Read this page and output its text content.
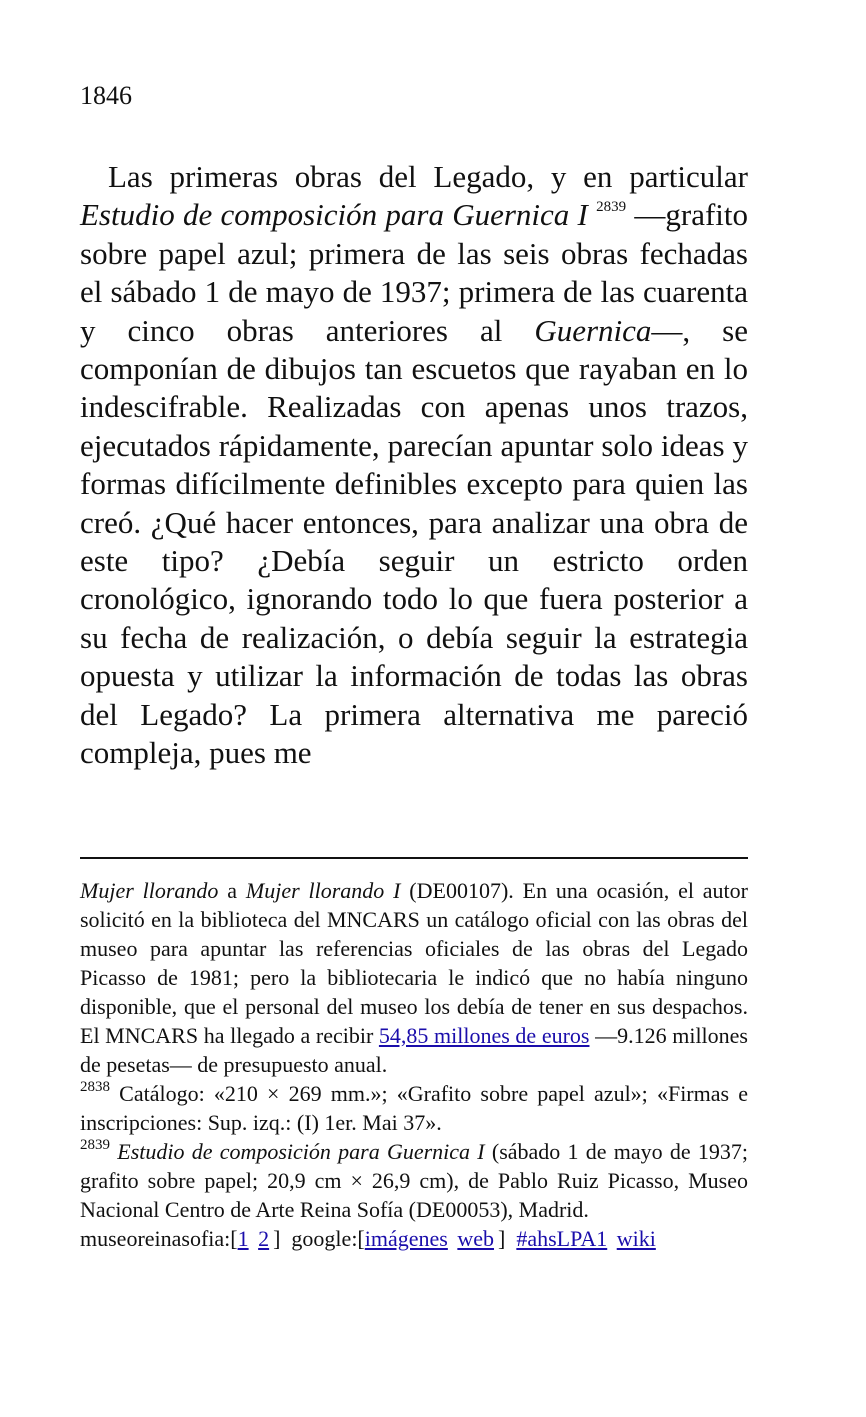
1846

Las primeras obras del Legado, y en particular Estudio de composición para Guernica I $^{2839}$ —grafito sobre papel azul; primera de las seis obras fechadas el sábado 1 de mayo de 1937; primera de las cuarenta y cinco obras anteriores al Guernica—, se componían de dibujos tan escuetos que rayaban en lo indescifrable. Realizadas con apenas unos trazos, ejecutados rápidamente, parecían apuntar solo ideas y formas difícilmente definibles excepto para quien las creó. ¿Qué hacer entonces, para analizar una obra de este tipo? ¿Debía seguir un estricto orden cronológico, ignorando todo lo que fuera posterior a su fecha de realización, o debía seguir la estrategia opuesta y utilizar la información de todas las obras del Legado? La primera alternativa me pareció compleja, pues me

Mujer llorando a Mujer llorando I (DE00107). En una ocasión, el autor solicitó en la biblioteca del MNCARS un catálogo oficial con las obras del museo para apuntar las referencias oficiales de las obras del Legado Picasso de 1981; pero la bibliotecaria le indicó que no había ninguno disponible, que el personal del museo los debía de tener en sus despachos. El MNCARS ha llegado a recibir 54,85 millones de euros —9.126 millones de pesetas— de presupuesto anual.

$^{2838}$ Catálogo: «210 × 269 mm.»; «Grafito sobre papel azul»; «Firmas e inscripciones: Sup. izq.: (I) 1er. Mai 37».

$^{2839}$ Estudio de composición para Guernica I (sábado 1 de mayo de 1937; grafito sobre papel; 20,9 cm × 26,9 cm), de Pablo Ruiz Picasso, Museo Nacional Centro de Arte Reina Sofía (DE00053), Madrid.

museoreinasofia:[1 2 ]  google:[imágenes web ]  #ahsLPA1 wiki
